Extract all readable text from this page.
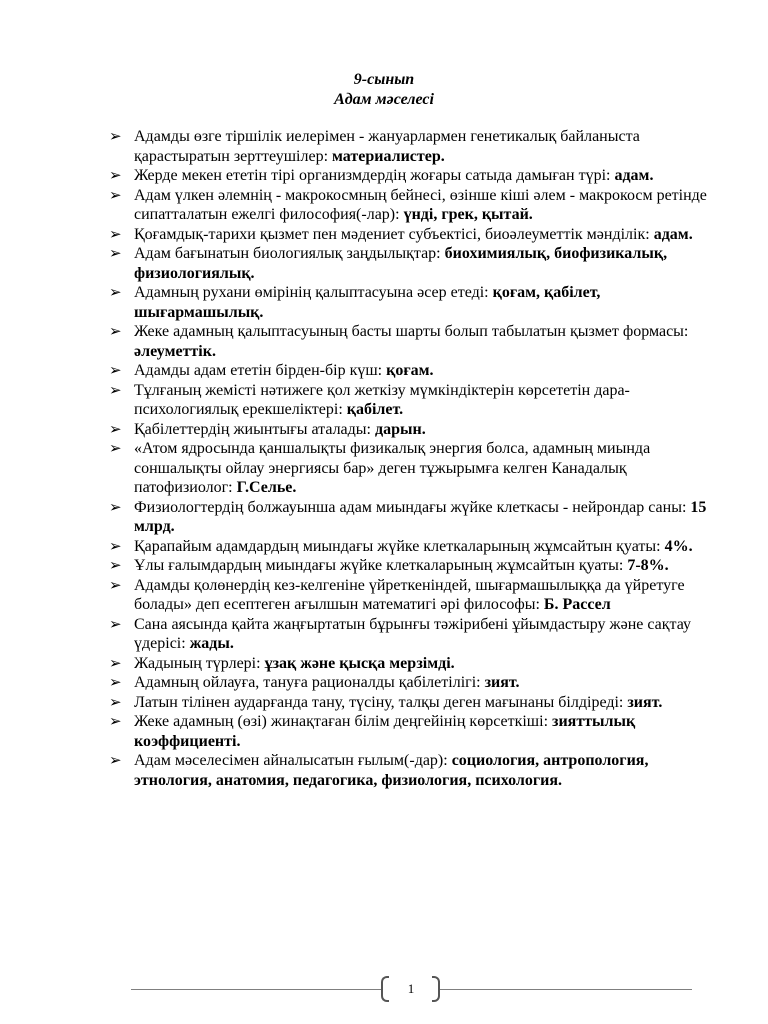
9-сынып
Адам мәселесі
➢ Адамды өзге тіршілік иелерімен - жануарлармен генетикалық байланыста қарастыратын зерттеушілер: материалистер.
➢ Жерде мекен ететін тірі организмдердің жоғары сатыда дамыған түрі: адам.
➢ Адам үлкен әлемнің - макрокосмның бейнесі, өзінше кіші әлем - макрокосм ретінде сипатталатын ежелгі философия(-лар): үнді, грек, қытай.
➢ Қоғамдық-тарихи қызмет пен мәдениет субъектісі, биоәлеуметтік мәнділік: адам.
➢ Адам бағынатын биологиялық заңдылықтар: биохимиялық, биофизикалық, физиологиялық.
➢ Адамның рухани өмірінің қалыптасуына әсер етеді: қоғам, қабілет, шығармашылық.
➢ Жеке адамның қалыптасуының басты шарты болып табылатын қызмет формасы: әлеуметтік.
➢ Адамды адам ететін бірден-бір күш: қоғам.
➢ Тұлғаның жемісті нәтижеге қол жеткізу мүмкіндіктерін көрсететін дара-психологиялық ерекшеліктері: қабілет.
➢ Қабілеттердің жиынтығы аталады: дарын.
➢ «Атом ядросында қаншалықты физикалық энергия болса, адамның миында соншалықты ойлау энергиясы бар» деген тұжырымға келген Канадалық патофизиолог: Г.Селье.
➢ Физиологтердің болжауынша адам миындағы жүйке клеткасы - нейрондар саны: 15 млрд.
➢ Қарапайым адамдардың миындағы жүйке клеткаларының жұмсайтын қуаты: 4%.
➢ Ұлы ғалымдардың миындағы жүйке клеткаларының жұмсайтын қуаты: 7-8%.
➢ Адамды қолөнердің кез-келгеніне үйреткеніндей, шығармашылыққа да үйретуге болады» деп есептеген ағылшын математигі әрі философы: Б. Рассел
➢ Сана аясында қайта жаңғыртатын бұрынғы тәжірибені ұйымдастыру және сақтау үдерісі: жады.
➢ Жадының түрлері: ұзақ және қысқа мерзімді.
➢ Адамның ойлауға, тануға рационалды қабілетілігі: зият.
➢ Латын тілінен аударғанда тану, түсіну, талқы деген мағынаны білдіреді: зият.
➢ Жеке адамның (өзі) жинақтаған білім деңгейінің көрсеткіші: зияттылық коэффициенті.
➢ Адам мәселесімен айналысатын ғылым(-дар): социология, антропология, этнология, анатомия, педагогика, физиология, психология.
1
